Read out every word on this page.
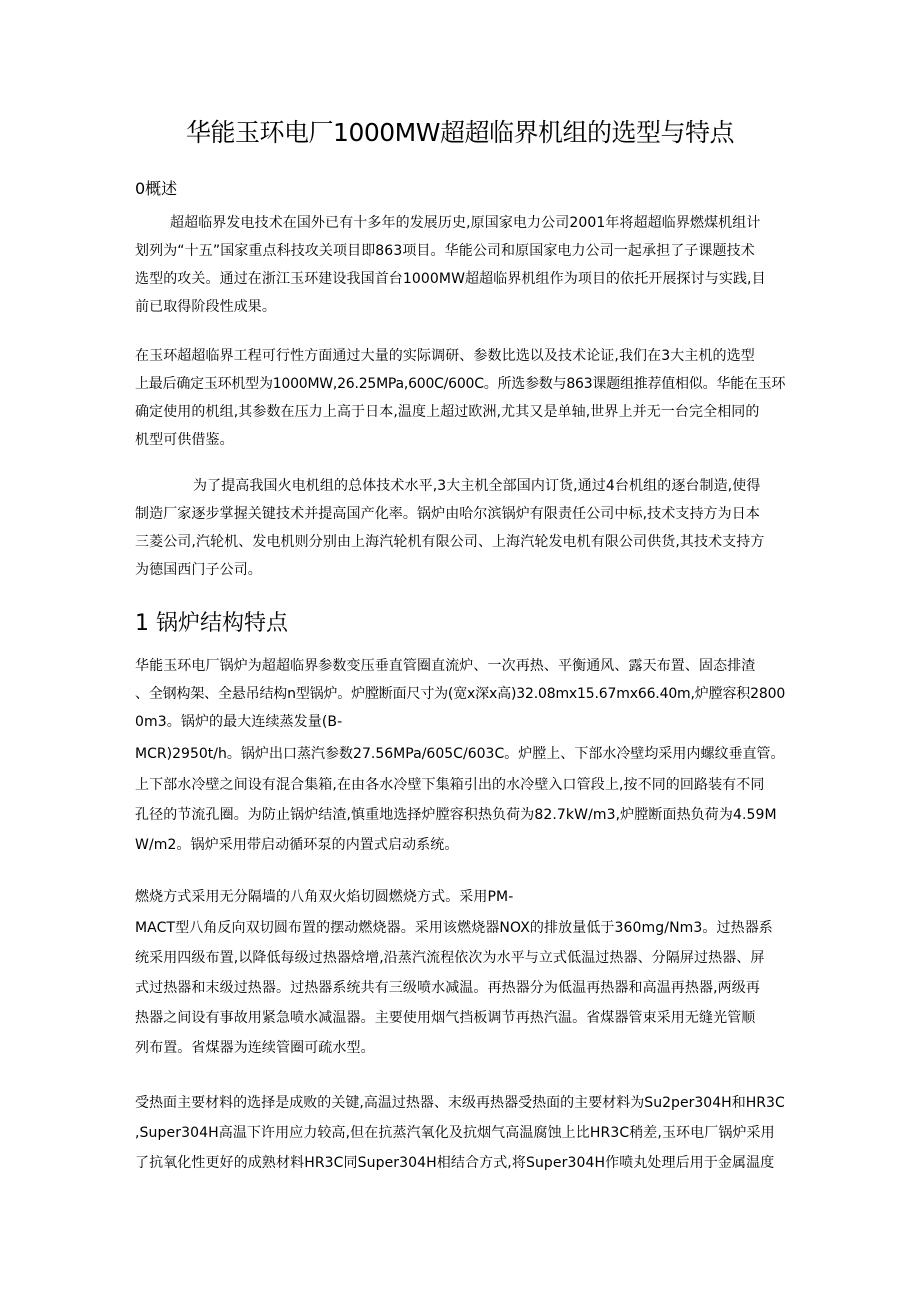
华能玉环电厂1000MW超超临界机组的选型与特点
0概述
超超临界发电技术在国外已有十多年的发展历史,原国家电力公司2001年将超超临界燃煤机组计
划列为“十五”国家重点科技攻关项目即863项目。华能公司和原国家电力公司一起承担了子课题技术
选型的攻关。通过在浙江玉环建设我国首台1000MW超超临界机组作为项目的依托开展探讨与实践,目
前已取得阶段性成果。
在玉环超超临界工程可行性方面通过大量的实际调研、参数比选以及技术论证,我们在3大主机的选型
上最后确定玉环机型为1000MW,26.25MPa,600C/600C。所选参数与863课题组推荐值相似。华能在玉环
确定使用的机组,其参数在压力上高于日本,温度上超过欧洲,尤其又是单轴,世界上并无一台完全相同的
机型可供借鉴。
为了提高我国火电机组的总体技术水平,3大主机全部国内订货,通过4台机组的逐台制造,使得
制造厂家逐步掌握关键技术并提高国产化率。锅炉由哈尔滨锅炉有限责任公司中标,技术支持方为日本
三菱公司,汽轮机、发电机则分别由上海汽轮机有限公司、上海汽轮发电机有限公司供货,其技术支持方
为德国西门子公司。
1 锅炉结构特点
华能玉环电厂锅炉为超超临界参数变压垂直管圈直流炉、一次再热、平衡通风、露天布置、固态排渣
、全钢构架、全悬吊结构n型锅炉。炉膛断面尺寸为(宽x深x高)32.08mx15.67mx66.40m,炉膛容积2800
0m3。锅炉的最大连续蒸发量(B-
MCR)2950t/h。锅炉出口蒸汽参数27.56MPa/605C/603C。炉膛上、下部水冷壁均采用内螺纹垂直管。
上下部水冷壁之间设有混合集箱,在由各水冷壁下集箱引出的水冷壁入口管段上,按不同的回路装有不同
孔径的节流孔圈。为防止锅炉结渣,慎重地选择炉膛容积热负荷为82.7kW/m3,炉膛断面热负荷为4.59M
W/m2。锅炉采用带启动循环泵的内置式启动系统。
燃烧方式采用无分隔墙的八角双火焰切圆燃烧方式。采用PM-
MACT型八角反向双切圆布置的摆动燃烧器。采用该燃烧器NOX的排放量低于360mg/Nm3。过热器系
统采用四级布置,以降低每级过热器焓增,沿蒸汽流程依次为水平与立式低温过热器、分隔屏过热器、屏
式过热器和末级过热器。过热器系统共有三级喷水减温。再热器分为低温再热器和高温再热器,两级再
热器之间设有事故用紧急喷水减温器。主要使用烟气挡板调节再热汽温。省煤器管束采用无缝光管顺
列布置。省煤器为连续管圈可疏水型。
受热面主要材料的选择是成败的关键,高温过热器、末级再热器受热面的主要材料为Su2per304H和HR3C
,Super304H高温下许用应力较高,但在抗蒸汽氧化及抗烟气高温腐蚀上比HR3C稍差,玉环电厂锅炉采用
了抗氧化性更好的成熟材料HR3C同Super304H相结合方式,将Super304H作喷丸处理后用于金属温度
